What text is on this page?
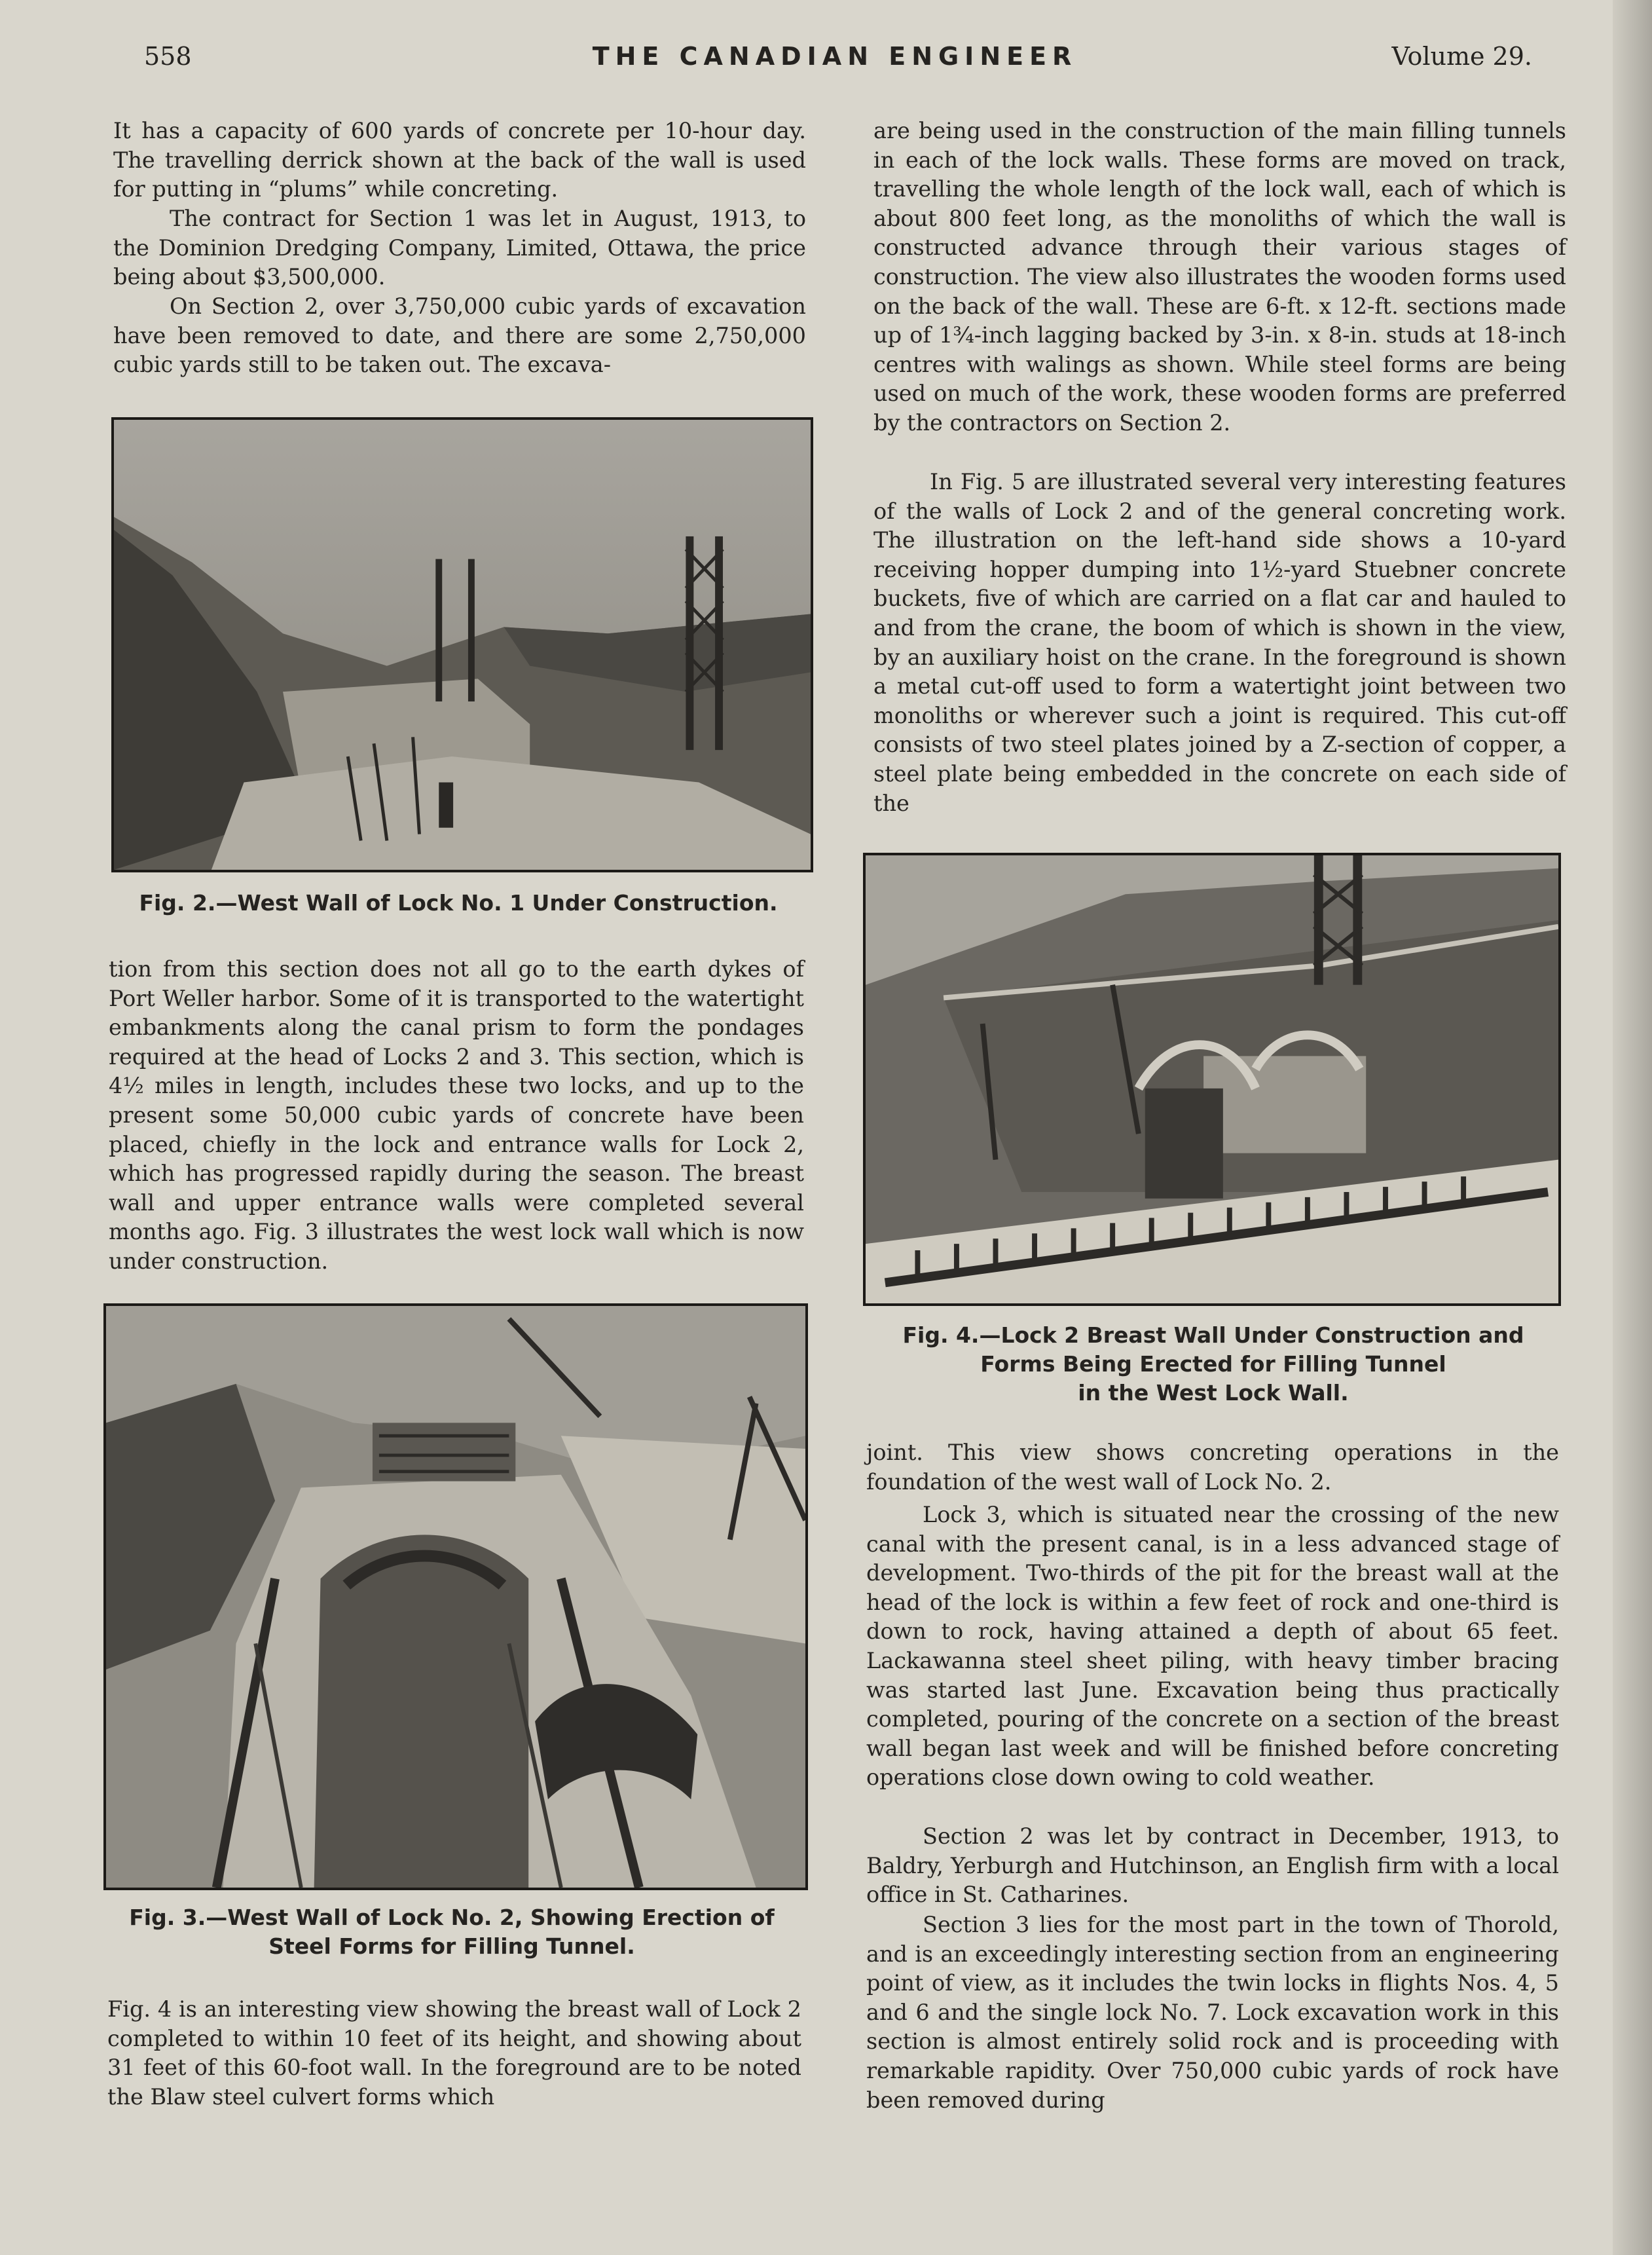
558	THE CANADIAN ENGINEER	Volume 29.

It has a capacity of 600 yards of concrete per 10-hour day. The travelling derrick shown at the back of the wall is used for putting in “plums” while concreting.

The contract for Section 1 was let in August, 1913, to the Dominion Dredging Company, Limited, Ottawa, the price being about $3,500,000.

On Section 2, over 3,750,000 cubic yards of excavation have been removed to date, and there are some 2,750,000 cubic yards still to be taken out. The excava-

Fig. 2.—West Wall of Lock No. 1 Under Construction.

tion from this section does not all go to the earth dykes of Port Weller harbor. Some of it is transported to the watertight embankments along the canal prism to form the pondages required at the head of Locks 2 and 3. This section, which is 4½ miles in length, includes these two locks, and up to the present some 50,000 cubic yards of concrete have been placed, chiefly in the lock and entrance walls for Lock 2, which has progressed rapidly during the season. The breast wall and upper entrance walls were completed several months ago. Fig. 3 illustrates the west lock wall which is now under construction.

Fig. 3.—West Wall of Lock No. 2, Showing Erection of
Steel Forms for Filling Tunnel.

Fig. 4 is an interesting view showing the breast wall of Lock 2 completed to within 10 feet of its height, and showing about 31 feet of this 60-foot wall. In the foreground are to be noted the Blaw steel culvert forms which

are being used in the construction of the main filling tunnels in each of the lock walls. These forms are moved on track, travelling the whole length of the lock wall, each of which is about 800 feet long, as the monoliths of which the wall is constructed advance through their various stages of construction. The view also illustrates the wooden forms used on the back of the wall. These are 6-ft. x 12-ft. sections made up of 1¾-inch lagging backed by 3-in. x 8-in. studs at 18-inch centres with walings as shown. While steel forms are being used on much of the work, these wooden forms are preferred by the contractors on Section 2.

In Fig. 5 are illustrated several very interesting features of the walls of Lock 2 and of the general concreting work. The illustration on the left-hand side shows a 10-yard receiving hopper dumping into 1½-yard Stuebner concrete buckets, five of which are carried on a flat car and hauled to and from the crane, the boom of which is shown in the view, by an auxiliary hoist on the crane. In the foreground is shown a metal cut-off used to form a watertight joint between two monoliths or wherever such a joint is required. This cut-off consists of two steel plates joined by a Z-section of copper, a steel plate being embedded in the concrete on each side of the

Fig. 4.—Lock 2 Breast Wall Under Construction and
Forms Being Erected for Filling Tunnel
in the West Lock Wall.

joint. This view shows concreting operations in the foundation of the west wall of Lock No. 2.

Lock 3, which is situated near the crossing of the new canal with the present canal, is in a less advanced stage of development. Two-thirds of the pit for the breast wall at the head of the lock is within a few feet of rock and one-third is down to rock, having attained a depth of about 65 feet. Lackawanna steel sheet piling, with heavy timber bracing was started last June. Excavation being thus practically completed, pouring of the concrete on a section of the breast wall began last week and will be finished before concreting operations close down owing to cold weather.

Section 2 was let by contract in December, 1913, to Baldry, Yerburgh and Hutchinson, an English firm with a local office in St. Catharines.

Section 3 lies for the most part in the town of Thorold, and is an exceedingly interesting section from an engineering point of view, as it includes the twin locks in flights Nos. 4, 5 and 6 and the single lock No. 7. Lock excavation work in this section is almost entirely solid rock and is proceeding with remarkable rapidity. Over 750,000 cubic yards of rock have been removed during
